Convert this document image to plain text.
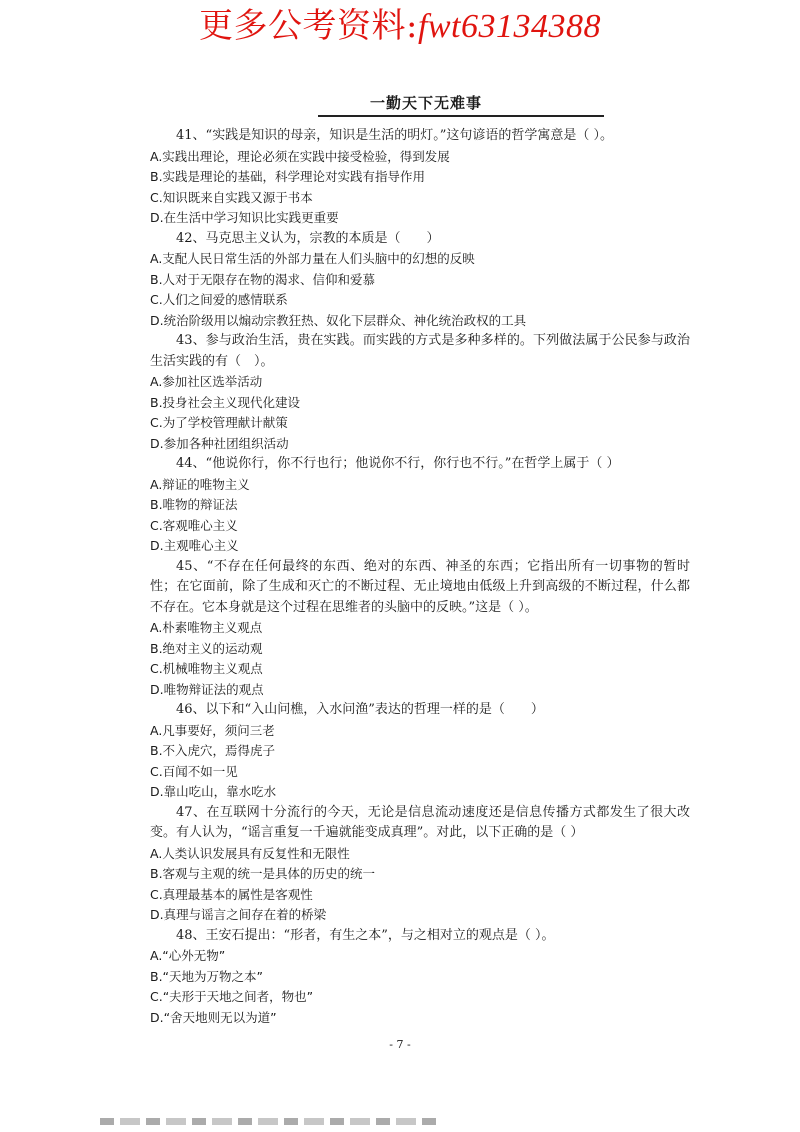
更多公考资料:fwt63134388
一勤天下无难事

41、“实践是知识的母亲，知识是生活的明灯。”这句谚语的哲学寓意是（ ）。

A.实践出理论，理论必须在实践中接受检验，得到发展

B.实践是理论的基础，科学理论对实践有指导作用

C.知识既来自实践又源于书本

D.在生活中学习知识比实践更重要

42、马克思主义认为，宗教的本质是（　　）

A.支配人民日常生活的外部力量在人们头脑中的幻想的反映

B.人对于无限存在物的渴求、信仰和爱慕

C.人们之间爱的感情联系

D.统治阶级用以煽动宗教狂热、奴化下层群众、神化统治政权的工具

43、参与政治生活，贵在实践。而实践的方式是多种多样的。下列做法属于公民参与政治生活实践的有（　）。

A.参加社区选举活动

B.投身社会主义现代化建设

C.为了学校管理献计献策

D.参加各种社团组织活动

44、“他说你行，你不行也行；他说你不行，你行也不行。”在哲学上属于（ ）

A.辩证的唯物主义

B.唯物的辩证法

C.客观唯心主义

D.主观唯心主义

45、“不存在任何最终的东西、绝对的东西、神圣的东西；它指出所有一切事物的暂时性；在它面前，除了生成和灭亡的不断过程、无止境地由低级上升到高级的不断过程，什么都不存在。它本身就是这个过程在思维者的头脑中的反映。”这是（ ）。

A.朴素唯物主义观点

B.绝对主义的运动观

C.机械唯物主义观点

D.唯物辩证法的观点

46、以下和“入山问樵，入水问渔”表达的哲理一样的是（　　）

A.凡事要好，须问三老

B.不入虎穴，焉得虎子

C.百闻不如一见

D.靠山吃山，靠水吃水

47、在互联网十分流行的今天，无论是信息流动速度还是信息传播方式都发生了很大改变。有人认为，“谣言重复一千遍就能变成真理”。对此，以下正确的是（ ）

A.人类认识发展具有反复性和无限性

B.客观与主观的统一是具体的历史的统一

C.真理最基本的属性是客观性

D.真理与谣言之间存在着的桥梁

48、王安石提出：“形者，有生之本”，与之相对立的观点是（ ）。

A.“心外无物”

B.“天地为万物之本”

C.“夫形于天地之间者，物也”

D.“舍天地则无以为道”

- 7 -
